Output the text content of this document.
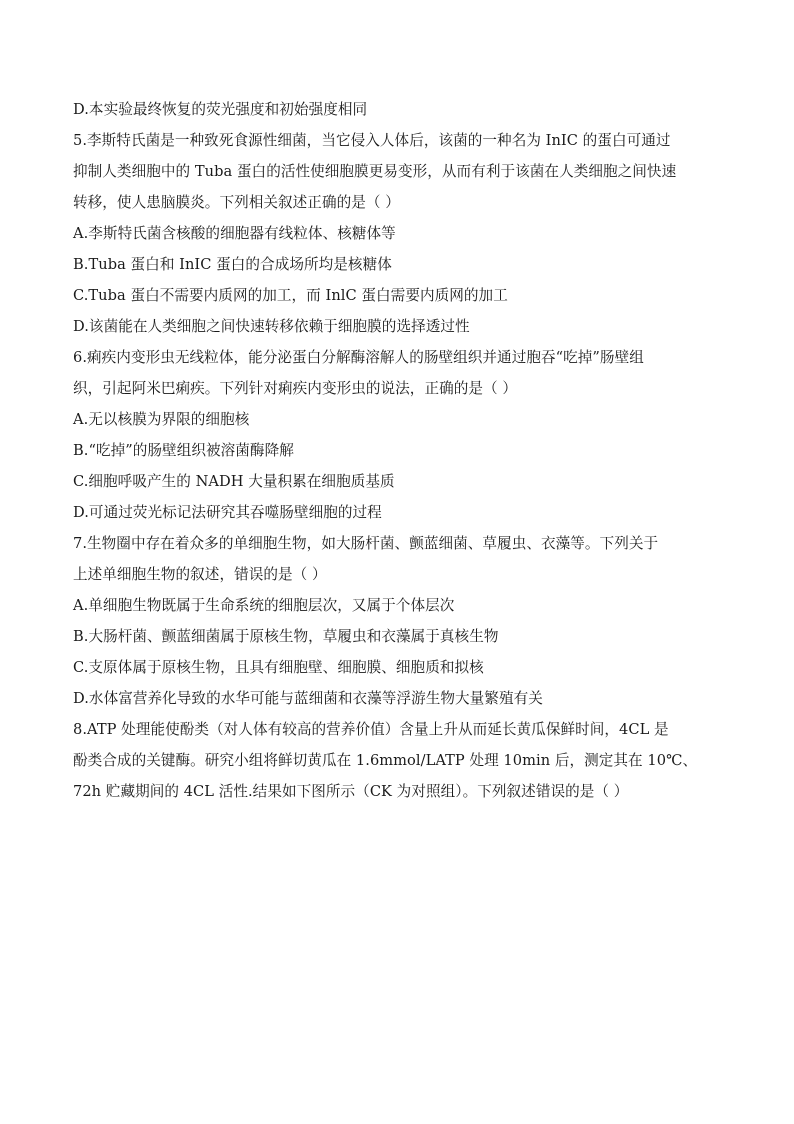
D.本实验最终恢复的荧光强度和初始强度相同
5.李斯特氏菌是一种致死食源性细菌，当它侵入人体后，该菌的一种名为 InIC 的蛋白可通过
抑制人类细胞中的 Tuba 蛋白的活性使细胞膜更易变形，从而有利于该菌在人类细胞之间快速
转移，使人患脑膜炎。下列相关叙述正确的是（ ）
A.李斯特氏菌含核酸的细胞器有线粒体、核糖体等
B.Tuba 蛋白和 InIC 蛋白的合成场所均是核糖体
C.Tuba 蛋白不需要内质网的加工，而 InlC 蛋白需要内质网的加工
D.该菌能在人类细胞之间快速转移依赖于细胞膜的选择透过性
6.痢疾内变形虫无线粒体，能分泌蛋白分解酶溶解人的肠壁组织并通过胞吞“吃掉”肠壁组
织，引起阿米巴痢疾。下列针对痢疾内变形虫的说法，正确的是（ ）
A.无以核膜为界限的细胞核
B.“吃掉”的肠壁组织被溶菌酶降解
C.细胞呼吸产生的 NADH 大量积累在细胞质基质
D.可通过荧光标记法研究其吞噬肠壁细胞的过程
7.生物圈中存在着众多的单细胞生物，如大肠杆菌、颤蓝细菌、草履虫、衣藻等。下列关于
上述单细胞生物的叙述，错误的是（ ）
A.单细胞生物既属于生命系统的细胞层次，又属于个体层次
B.大肠杆菌、颤蓝细菌属于原核生物，草履虫和衣藻属于真核生物
C.支原体属于原核生物，且具有细胞壁、细胞膜、细胞质和拟核
D.水体富营养化导致的水华可能与蓝细菌和衣藻等浮游生物大量繁殖有关
8.ATP 处理能使酚类（对人体有较高的营养价值）含量上升从而延长黄瓜保鲜时间，4CL 是
酚类合成的关键酶。研究小组将鲜切黄瓜在 1.6mmol/LATP 处理 10min 后，测定其在 10℃、
72h 贮藏期间的 4CL 活性.结果如下图所示（CK 为对照组）。下列叙述错误的是（ ）
